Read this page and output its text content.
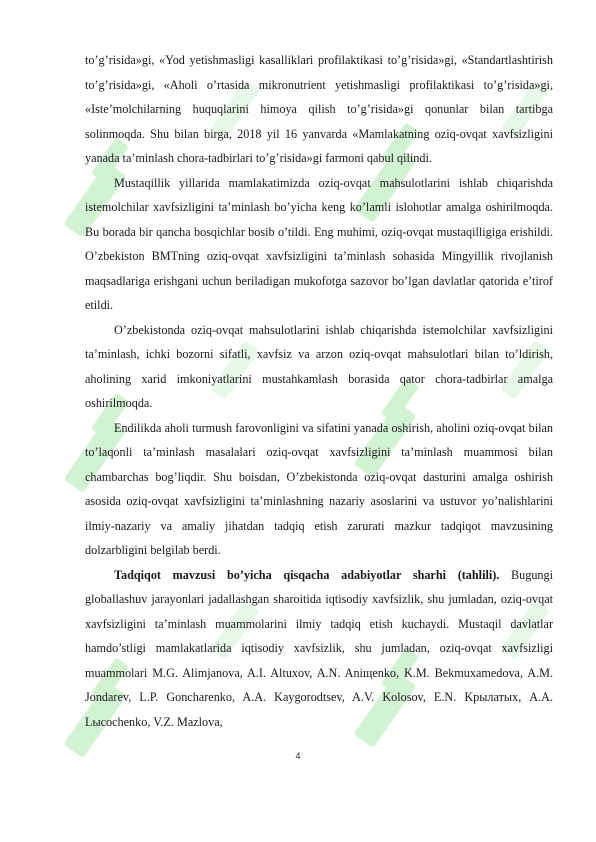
to’g’risida»gi, «Yod yetishmasligi kasalliklari profilaktikasi to’g’risida»gi, «Standartlashtirish to’g’risida»gi, «Aholi o’rtasida mikronutrient yetishmasligi profilaktikasi to’g’risida»gi, «Iste’molchilarning huquqlarini himoya qilish to’g’risida»gi qonunlar bilan tartibga solinmoqda. Shu bilan birga, 2018 yil 16 yanvarda «Mamlakatning oziq-ovqat xavfsizligini yanada ta’minlash chora-tadbirlari to’g’risida»gi farmoni qabul qilindi.

Mustaqillik yillarida mamlakatimizda oziq-ovqat mahsulotlarini ishlab chiqarishda istemolchilar xavfsizligini ta’minlash bo’yicha keng ko’lamli islohotlar amalga oshirilmoqda. Bu borada bir qancha bosqichlar bosib o’tildi. Eng muhimi, oziq-ovqat mustaqilligiga erishildi. O’zbekiston BMTning oziq-ovqat xavfsizligini ta’minlash sohasida Mingyillik rivojlanish maqsadlariga erishgani uchun beriladigan mukofotga sazovor bo’lgan davlatlar qatorida e’tirof etildi.

O’zbekistonda oziq-ovqat mahsulotlarini ishlab chiqarishda istemolchilar xavfsizligini ta’minlash, ichki bozorni sifatli, xavfsiz va arzon oziq-ovqat mahsulotlari bilan to’ldirish, aholining xarid imkoniyatlarini mustahkamlash borasida qator chora-tadbirlar amalga oshirilmoqda.

Endilikda aholi turmush farovonligini va sifatini yanada oshirish, aholini oziq-ovqat bilan to’laqonli ta’minlash masalalari oziq-ovqat xavfsizligini ta’minlash muammosi bilan chambarchas bog’liqdir. Shu boisdan, O’zbekistonda oziq-ovqat dasturini amalga oshirish asosida oziq-ovqat xavfsizligini ta’minlashning nazariy asoslarini va ustuvor yo’nalishlarini ilmiy-nazariy va amaliy jihatdan tadqiq etish zarurati mazkur tadqiqot mavzusining dolzarbligini belgilab berdi.

Tadqiqot mavzusi bo’yicha qisqacha adabiyotlar sharhi (tahlili). Bugungi globallashuv jarayonlari jadallashgan sharoitida iqtisodiy xavfsizlik, shu jumladan, oziq-ovqat xavfsizligini ta’minlash muammolarini ilmiy tadqiq etish kuchaydi. Mustaqil davlatlar hamdo’stligi mamlakatlarida iqtisodiy xavfsizlik, shu jumladan, oziq-ovqat xavfsizligi muammolari M.G. Alimjanova, A.I. Altuxov, A.N. Aniщenko, K.M. Bekmuxamedova, A.M. Jondarev, L.P. Goncharenko, A.A. Kaygorodtsev, A.V. Kolosov, E.N. Kрылатых, A.A. Lысochenko, V.Z. Mazlova,

4
